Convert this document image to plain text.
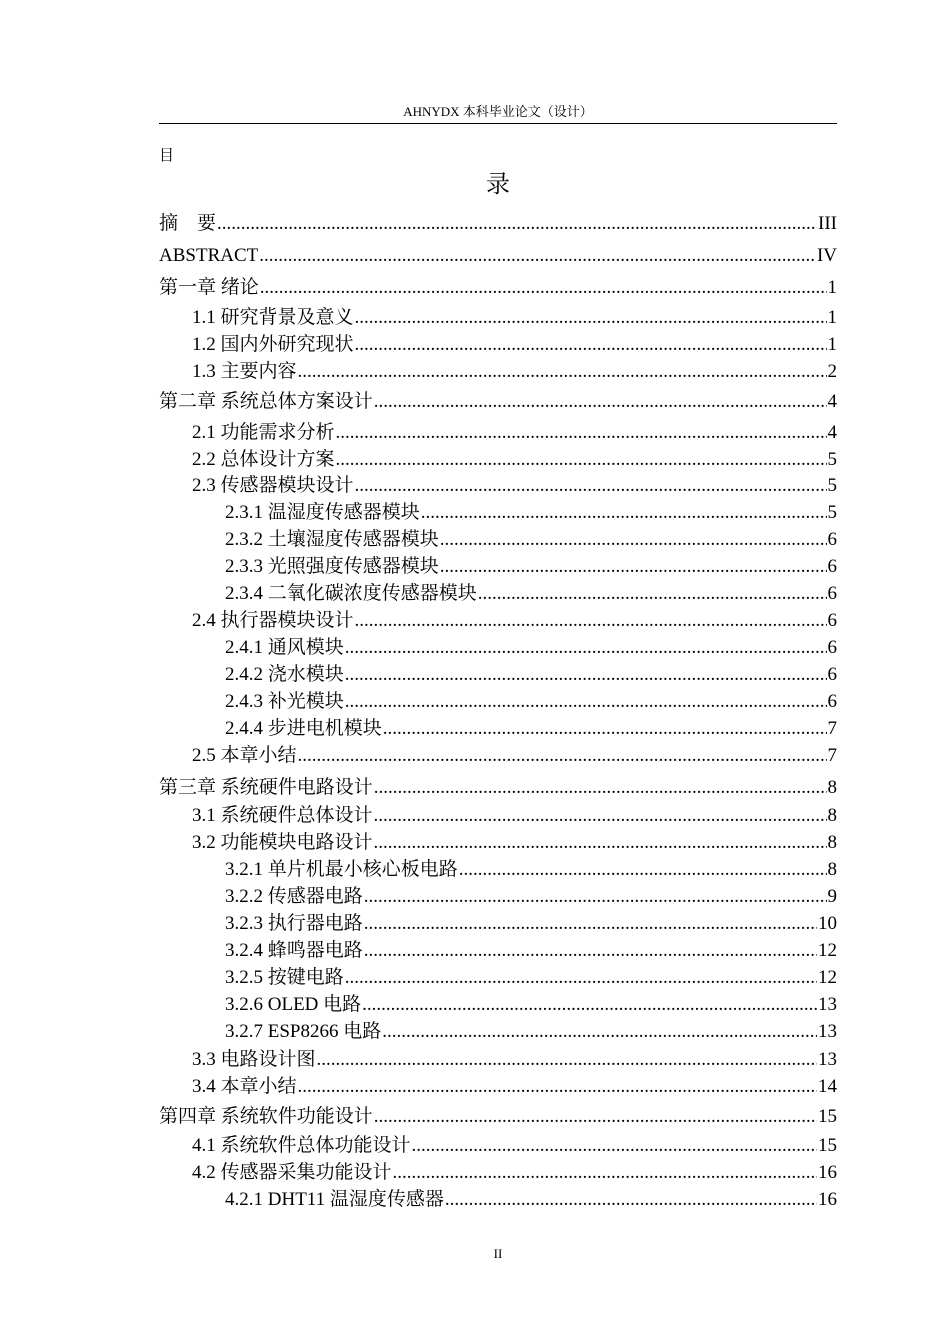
AHNYDX 本科毕业论文（设计）
目
录
摘　要 .....	III
ABSTRACT .....	IV
第一章 绪论 .....	1
1.1 研究背景及意义 .....	1
1.2 国内外研究现状 .....	1
1.3 主要内容 .....	2
第二章 系统总体方案设计 .....	4
2.1 功能需求分析 .....	4
2.2 总体设计方案 .....	5
2.3 传感器模块设计 .....	5
2.3.1 温湿度传感器模块 .....	5
2.3.2 土壤湿度传感器模块 .....	6
2.3.3 光照强度传感器模块 .....	6
2.3.4 二氧化碳浓度传感器模块 .....	6
2.4 执行器模块设计 .....	6
2.4.1 通风模块 .....	6
2.4.2 浇水模块 .....	6
2.4.3 补光模块 .....	6
2.4.4 步进电机模块 .....	7
2.5 本章小结 .....	7
第三章 系统硬件电路设计 .....	8
3.1 系统硬件总体设计 .....	8
3.2 功能模块电路设计 .....	8
3.2.1 单片机最小核心板电路 .....	8
3.2.2 传感器电路 .....	9
3.2.3 执行器电路 .....	10
3.2.4 蜂鸣器电路 .....	12
3.2.5 按键电路 .....	12
3.2.6 OLED 电路 .....	13
3.2.7 ESP8266 电路 .....	13
3.3 电路设计图 .....	13
3.4 本章小结 .....	14
第四章 系统软件功能设计 .....	15
4.1 系统软件总体功能设计 .....	15
4.2 传感器采集功能设计 .....	16
4.2.1 DHT11 温湿度传感器 .....	16
II
